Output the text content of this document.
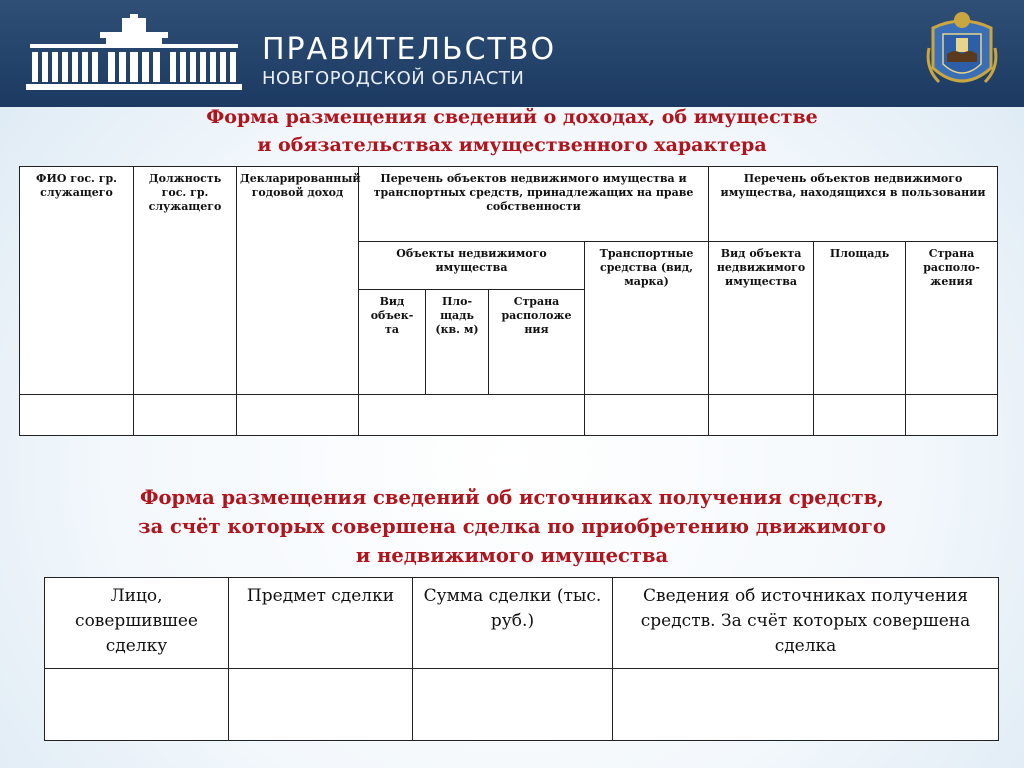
ПРАВИТЕЛЬСТВО
НОВГОРОДСКОЙ ОБЛАСТИ
Форма размещения сведений о доходах, об имуществе
и обязательствах имущественного характера
ФИО гос. гр. служащего	Должность гос. гр. служащего	Декларированный годовой доход	Перечень объектов недвижимого имущества и транспортных средств, принадлежащих на праве собственности				Перечень объектов недвижимого имущества, находящихся в пользовании		
			Объекты недвижимого имущества			Транспортные средства (вид, марка)	Вид объекта недвижимого имущества	Площадь	Страна располо- жения
			Вид объек- та	Пло- щадь (кв. м)	Страна расположе ния				

Форма размещения сведений об источниках получения средств,
за счёт которых совершена сделка по приобретению движимого
и недвижимого имущества
Лицо, совершившее сделку	Предмет сделки	Сумма сделки (тыс. руб.)	Сведения об источниках получения средств. За счёт которых совершена сделка
